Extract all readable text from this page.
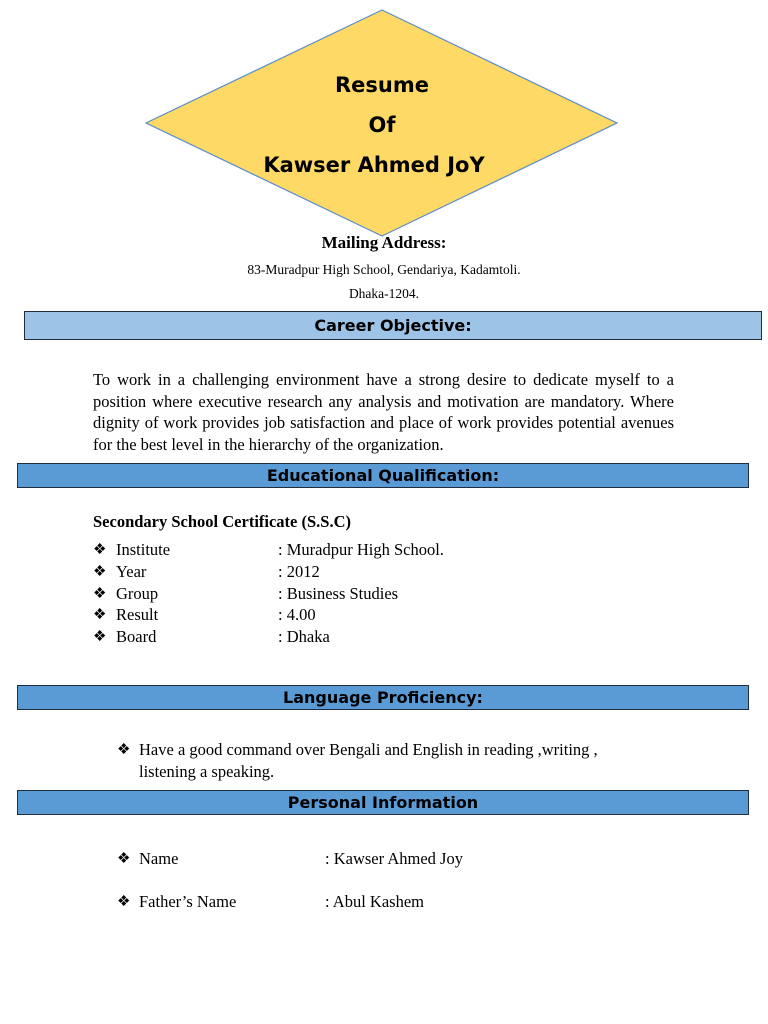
Resume
Of
Kawser Ahmed JoY
Mailing Address:
83-Muradpur High School, Gendariya, Kadamtoli.
Dhaka-1204.
Career Objective:
To work in a challenging environment have a strong desire to dedicate myself to a position where executive research any analysis and motivation are mandatory. Where dignity of work provides job satisfaction and place of work provides potential avenues for the best level in the hierarchy of the organization.
Educational Qualification:
Secondary School Certificate (S.S.C)
❖ Institute	: Muradpur High School.
❖ Year	: 2012
❖ Group	: Business Studies
❖ Result	: 4.00
❖ Board	: Dhaka
Language Proficiency:
❖ Have a good command over Bengali and English in reading ,writing ,
listening a speaking.
Personal Information
❖ Name	: Kawser Ahmed Joy
❖ Father’s Name	: Abul Kashem
